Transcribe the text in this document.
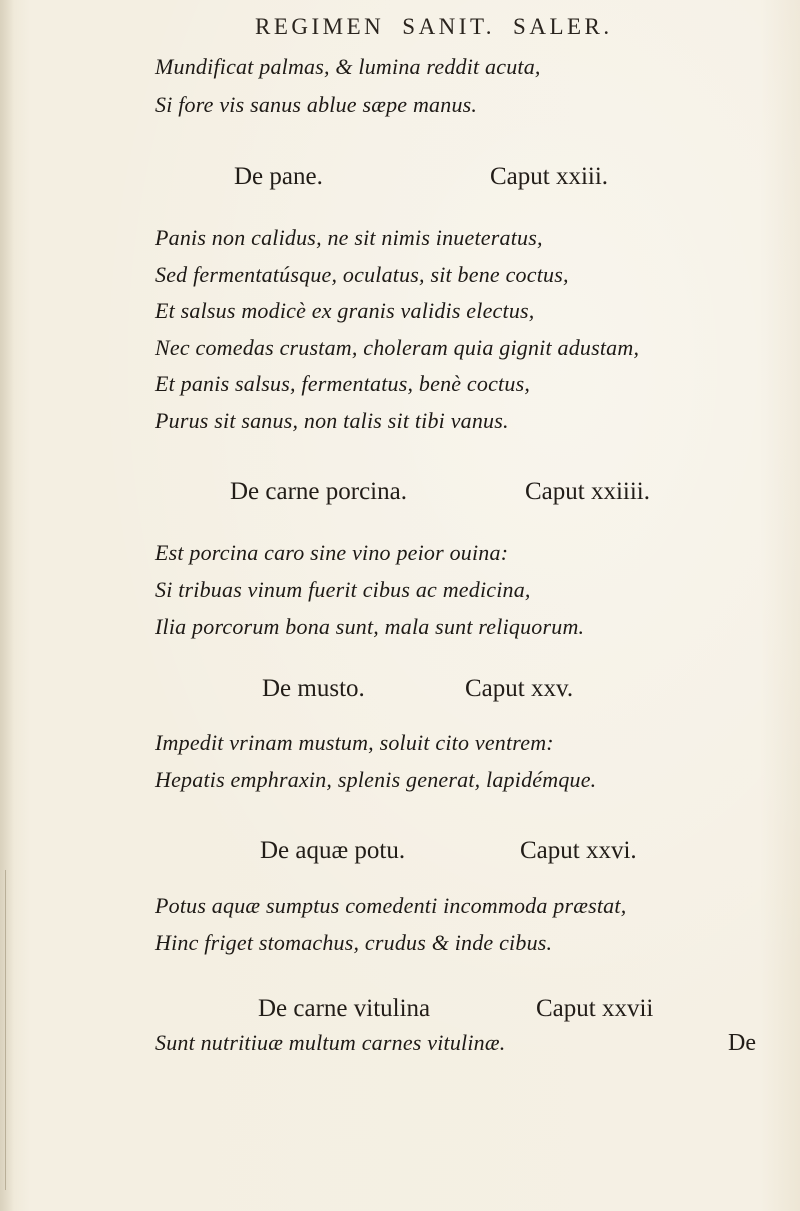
REGIMEN SANIT. SALER.
Mundificat palmas, & lumina reddit acuta,
Si fore vis sanus ablue sæpe manus.
De pane.	Caput xxiii.
Panis non calidus, ne sit nimis inueteratus,
Sed fermentatúsque, oculatus, sit bene coctus,
Et salsus modicè ex granis validis electus,
Nec comedas crustam, choleram quia gignit adustam,
Et panis salsus, fermentatus, benè coctus,
Purus sit sanus, non talis sit tibi vanus.
De carne porcina.	Caput xxiiii.
Est porcina caro sine vino peior ouina:
Si tribuas vinum fuerit cibus ac medicina,
Ilia porcorum bona sunt, mala sunt reliquorum.
De musto.	Caput xxv.
Impedit vrinam mustum, soluit cito ventrem:
Hepatis emphraxin, splenis generat, lapidémque.
De aquæ potu.	Caput xxvi.
Potus aquæ sumptus comedenti incommoda præstat,
Hinc friget stomachus, crudus & inde cibus.
De carne vitulina	Caput xxvii
Sunt nutritiuæ multum carnes vitulinæ.	De
